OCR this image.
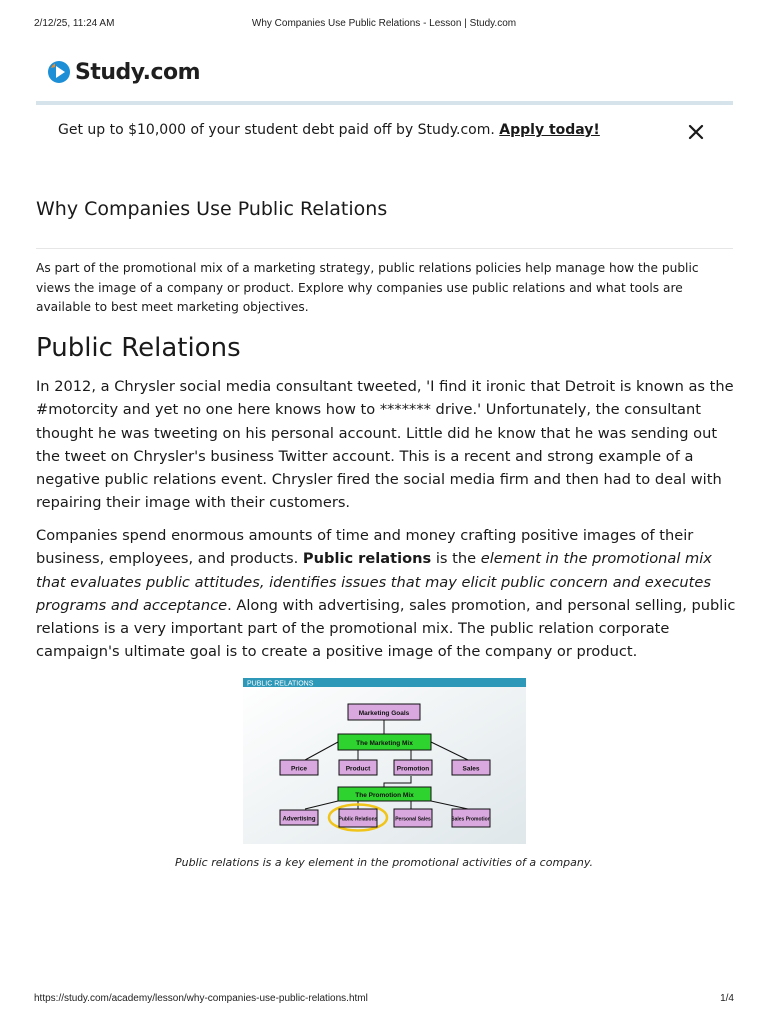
2/12/25, 11:24 AM	Why Companies Use Public Relations - Lesson | Study.com
Study.com
Get up to $10,000 of your student debt paid off by Study.com. Apply today!
Why Companies Use Public Relations

As part of the promotional mix of a marketing strategy, public relations policies help manage how the public views the image of a company or product. Explore why companies use public relations and what tools are available to best meet marketing objectives.

Public Relations

In 2012, a Chrysler social media consultant tweeted, 'I find it ironic that Detroit is known as the #motorcity and yet no one here knows how to ******* drive.' Unfortunately, the consultant thought he was tweeting on his personal account. Little did he know that he was sending out the tweet on Chrysler's business Twitter account. This is a recent and strong example of a negative public relations event. Chrysler fired the social media firm and then had to deal with repairing their image with their customers.

Companies spend enormous amounts of time and money crafting positive images of their business, employees, and products. Public relations is the element in the promotional mix that evaluates public attitudes, identifies issues that may elicit public concern and executes programs and acceptance. Along with advertising, sales promotion, and personal selling, public relations is a very important part of the promotional mix. The public relation corporate campaign's ultimate goal is to create a positive image of the company or product.

PUBLIC RELATIONS
Marketing Goals
The Marketing Mix
Price	Product	Promotion	Sales
The Promotion Mix
Advertising	Public Relations	Personal Sales	Sales Promotion
Public relations is a key element in the promotional activities of a company.
https://study.com/academy/lesson/why-companies-use-public-relations.html	1/4
